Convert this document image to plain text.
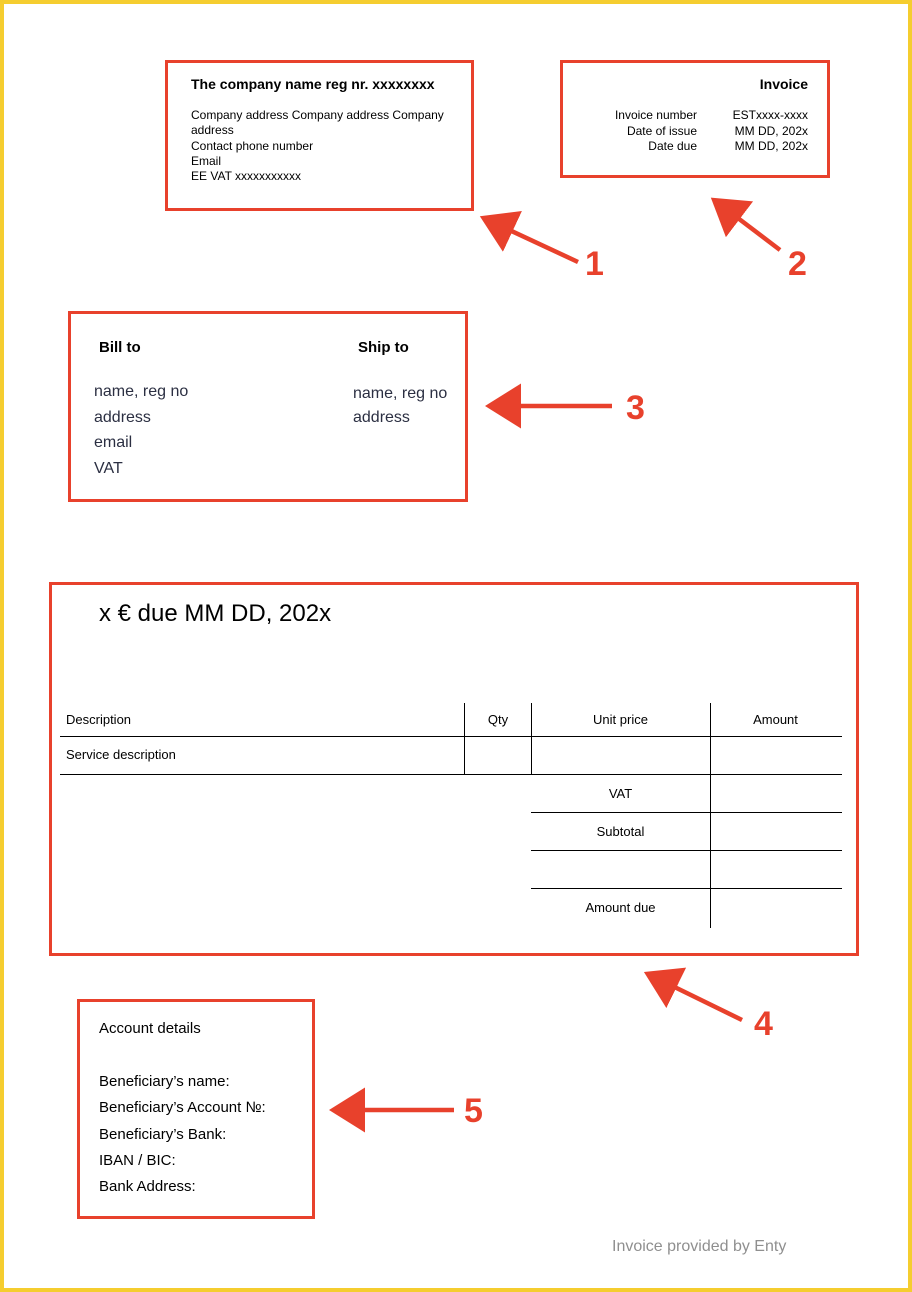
The company name reg nr. xxxxxxxx
Company address Company address Company address
Contact phone number
Email
EE VAT xxxxxxxxxxx
Invoice
Invoice number	ESTxxxx-xxxx
Date of issue	MM DD, 202x
Date due	MM DD, 202x
Bill to
name, reg no
address
email
VAT
Ship to
name, reg no
address
x € due MM DD, 202x
Description	Qty	Unit price	Amount
Service description
VAT
Subtotal
Amount due
Account details
Beneficiary’s name:
Beneficiary’s Account №:
Beneficiary’s Bank:
IBAN / BIC:
Bank Address:
1	2
3
4
5
Invoice provided by Enty
